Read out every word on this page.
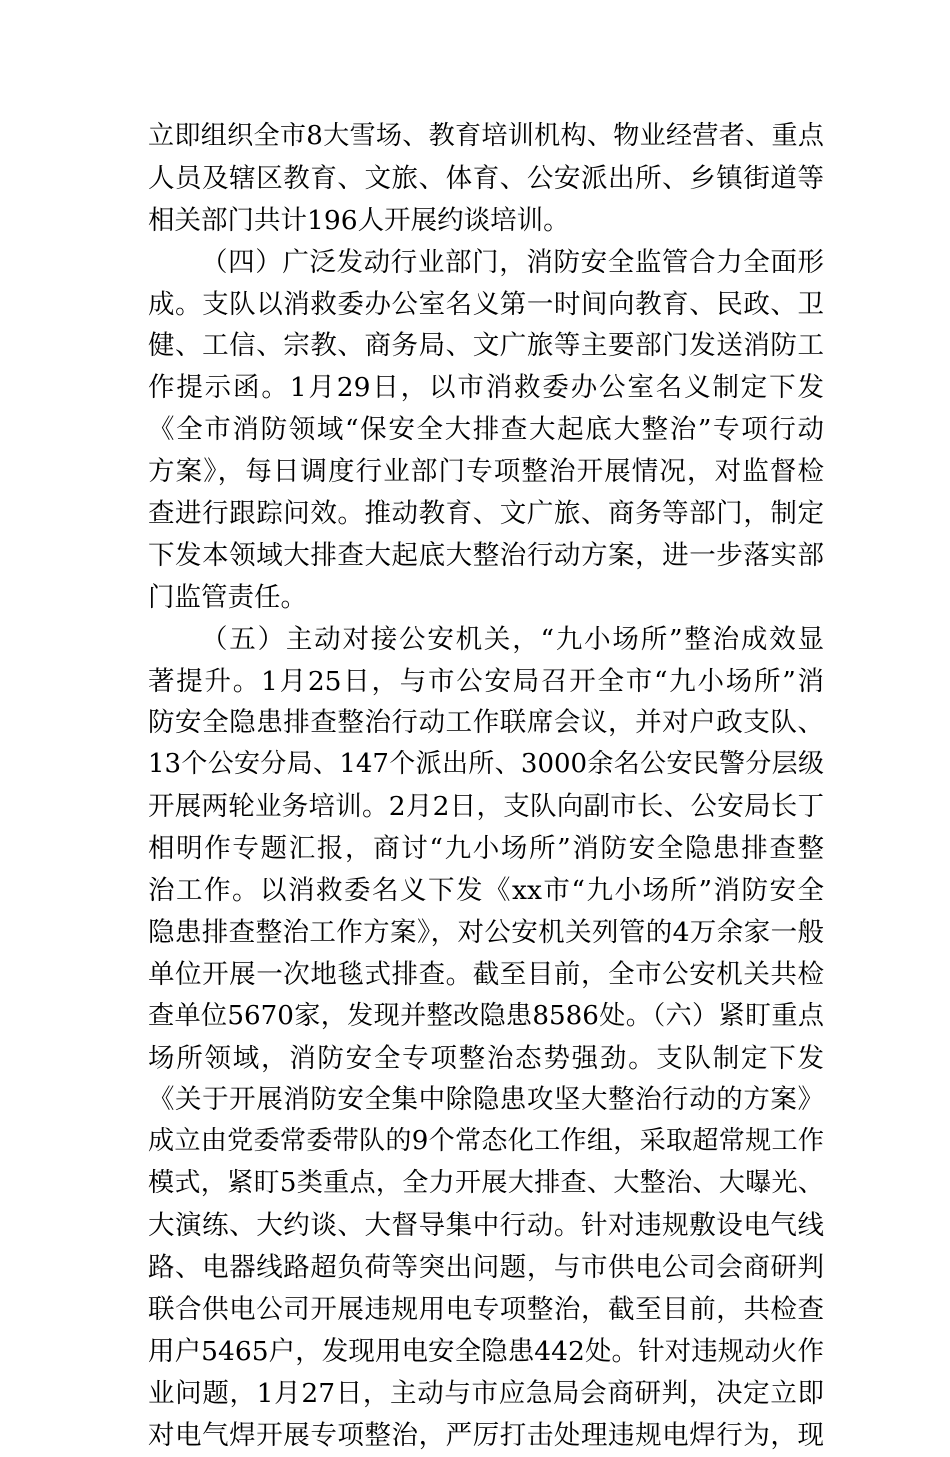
立即组织全市8大雪场、教育培训机构、物业经营者、重点
人员及辖区教育、文旅、体育、公安派出所、乡镇街道等
相关部门共计196人开展约谈培训。
（四）广泛发动行业部门，消防安全监管合力全面形
成。支队以消救委办公室名义第一时间向教育、民政、卫
健、工信、宗教、商务局、文广旅等主要部门发送消防工
作提示函。1月29日，以市消救委办公室名义制定下发
《全市消防领域“保安全大排查大起底大整治”专项行动
方案》，每日调度行业部门专项整治开展情况，对监督检
查进行跟踪问效。推动教育、文广旅、商务等部门，制定
下发本领域大排查大起底大整治行动方案，进一步落实部
门监管责任。
（五）主动对接公安机关，“九小场所”整治成效显
著提升。1月25日，与市公安局召开全市“九小场所”消
防安全隐患排查整治行动工作联席会议，并对户政支队、
13个公安分局、147个派出所、3000余名公安民警分层级
开展两轮业务培训。2月2日，支队向副市长、公安局长丁
相明作专题汇报，商讨“九小场所”消防安全隐患排查整
治工作。以消救委名义下发《xx市“九小场所”消防安全
隐患排查整治工作方案》，对公安机关列管的4万余家一般
单位开展一次地毯式排查。截至目前，全市公安机关共检
查单位5670家，发现并整改隐患8586处。（六）紧盯重点
场所领域，消防安全专项整治态势强劲。支队制定下发
《关于开展消防安全集中除隐患攻坚大整治行动的方案》
成立由党委常委带队的9个常态化工作组，采取超常规工作
模式，紧盯5类重点，全力开展大排查、大整治、大曝光、
大演练、大约谈、大督导集中行动。针对违规敷设电气线
路、电器线路超负荷等突出问题，与市供电公司会商研判
联合供电公司开展违规用电专项整治，截至目前，共检查
用户5465户，发现用电安全隐患442处。针对违规动火作
业问题，1月27日，主动与市应急局会商研判，决定立即
对电气焊开展专项整治，严厉打击处理违规电焊行为，现
